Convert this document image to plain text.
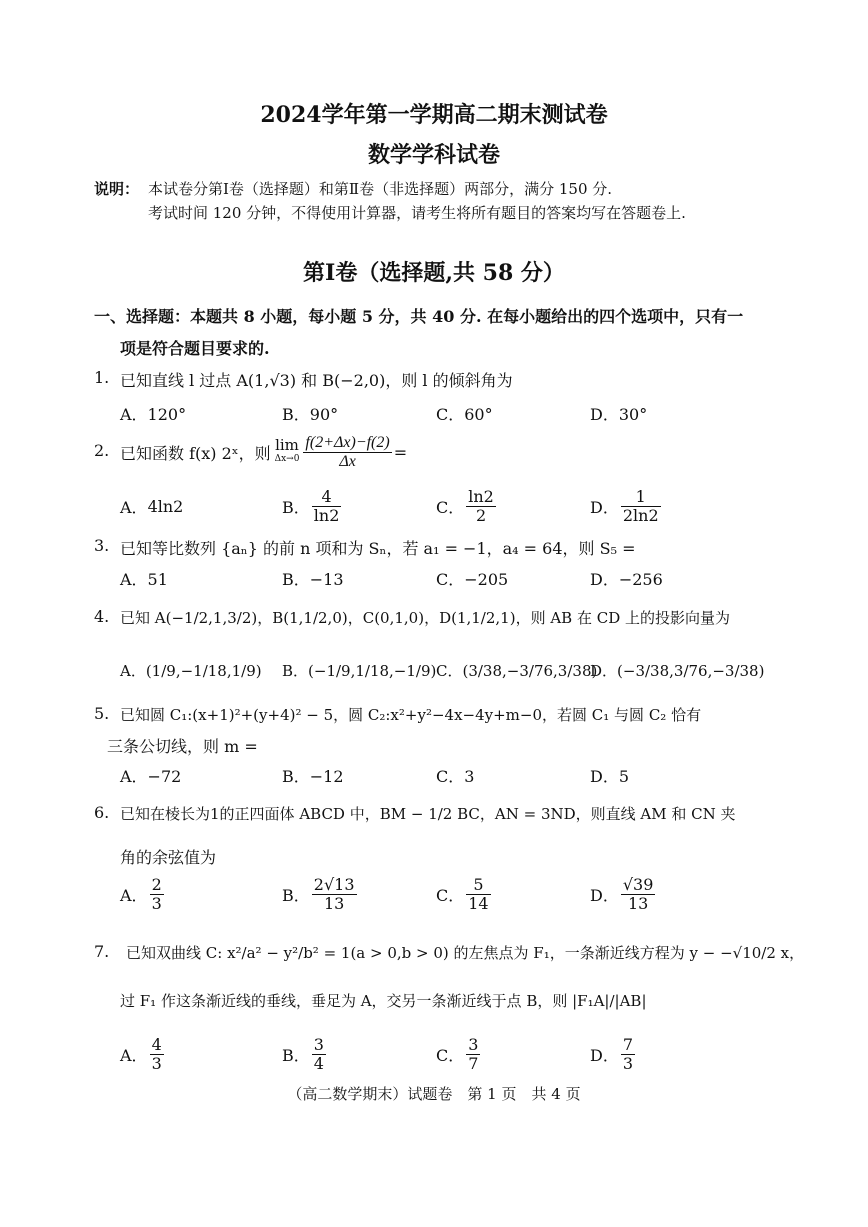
2024学年第一学期高二期末测试卷
数学学科试卷
说明： 本试卷分第Ⅰ卷（选择题）和第Ⅱ卷（非选择题）两部分，满分 150 分.
考试时间 120 分钟，不得使用计算器，请考生将所有题目的答案均写在答题卷上.
第Ⅰ卷（选择题,共 58 分）
一、选择题：本题共 8 小题，每小题 5 分，共 40 分. 在每小题给出的四个选项中，只有一
项是符合题目要求的.
1. 已知直线 l 过点 A(1,√3) 和 B(−2,0)，则 l 的倾斜角为
A．120°	B．90°	C．60°	D．30°
2. 已知函数 f(x) 2ˣ，则 lim
$\Delta x\to 0 \frac{f(2+\Delta x)-f(2)}{\Delta x}$ =
A． 4ln2	B． $\frac{4}{\ln 2}$	C． $\frac{\ln 2}{2}$	D． $\frac{1}{2\ln 2}$
3. 已知等比数列 {aₙ} 的前 n 项和为 Sₙ，若 a₁ = −1，a₄ = 64，则 S₅ =
A．51	B．−13	C．−205	D．−256
4. 已知 A(−1/2,1,3/2)，B(1,1/2,0)，C(0,1,0)，D(1,1/2,1)，则 AB 在 CD 上的投影向量为
A．(1/9,−1/18,1/9) B．(−1/9,1/18,−1/9) C．(3/38,−3/76,3/38)
D．(−3/38,3/76,−3/38)
5. 已知圆 C₁:(x+1)²+(y+4)² − 5，圆 C₂:x²+y²−4x−4y+m−0，若圆 C₁ 与圆 C₂ 恰有
三条公切线，则 m =
A．−72	B．−12	C．3	D．5
6. 已知在棱长为1的正四面体 ABCD 中，BM − 1/2 BC，AN = 3ND，则直线 AM 和 CN 夹
角的余弦值为
A． $\frac{2}{3}$	B． $\frac{2√13}{13}$	C． $\frac{5}{14}$	D． $\frac{√39}{13}$
7. 已知双曲线 C: x²/a² − y²/b² = 1(a > 0,b > 0) 的左焦点为 F₁，一条渐近线方程为 y − −√10/2 x，
过 F₁ 作这条渐近线的垂线，垂足为 A，交另一条渐近线于点 B，则 |F₁A|/|AB|
A． $\frac{4}{3}$	B． $\frac{3}{4}$	C． $\frac{3}{7}$	D． $\frac{7}{3}$
（高二数学期末）试题卷　第 1 页　共 4 页
